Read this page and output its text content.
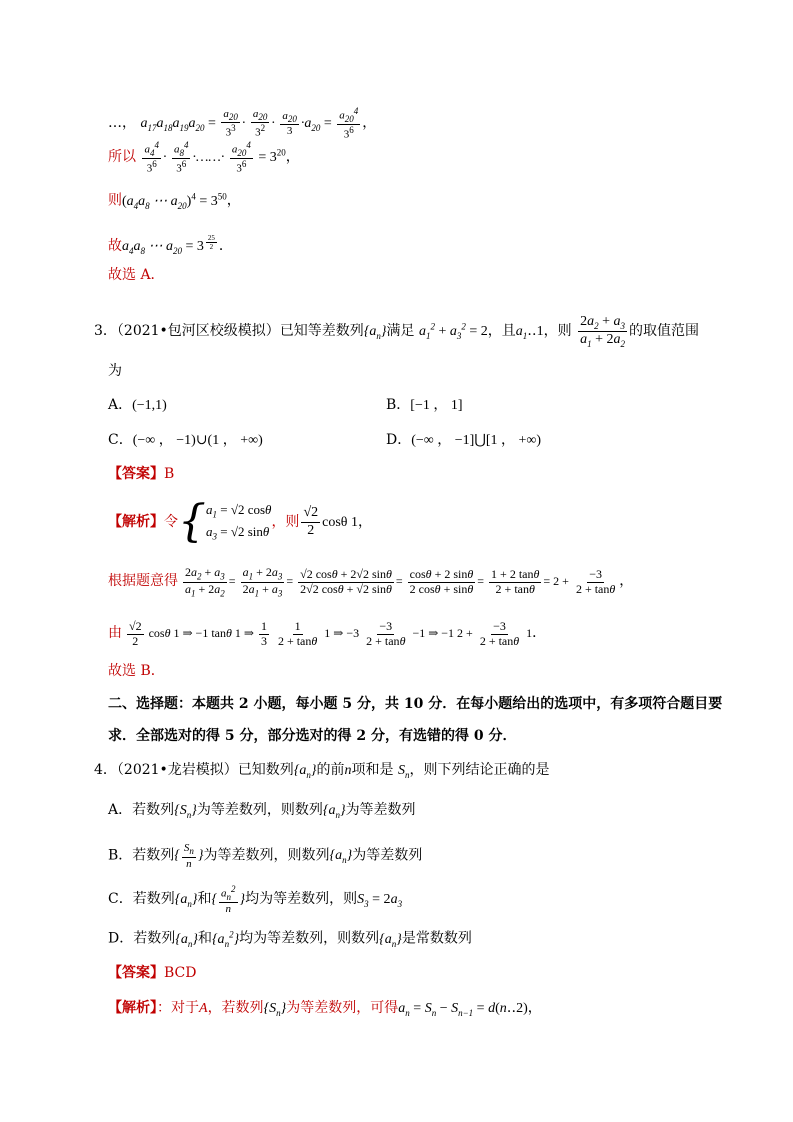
…， $a_{17}a_{18}a_{19}a_{20} = \frac{a_{20}}{3^3} \cdot \frac{a_{20}}{3^2} \cdot \frac{a_{20}}{3} \cdot a_{20} = \frac{a_{20}^4}{3^6}$ ，
所以 $\frac{a_4^4}{3^6} \cdot \frac{a_8^4}{3^6}$ ·……· $\frac{a_{20}^4}{3^6} = 3^{20}$，
则($a_4a_8$ ⋯ $a_{20})^4 = 3^{50}$，
故$a_4a_8$ ⋯ $a_{20} = 3$ $^{\frac{25}{2}}$ ．
故选 A．
3．（2021•包河区校级模拟）已知等差数列$\{a_n\}$满足 $a_1^2 + a_3^2 = 2$，且$a_1‥1$，则 $\frac{2a_2 + a_3}{a_1 + 2a_2}$ 的取值范围
为
A．(−1,1)	B．[−1 ， 1]
C．(−∞ ， −1)∪(1 ， +∞)	D．(−∞ ， −1]⋃[1 ， +∞)
【答案】B
【解析】令 { $a_1 = √2$ cosθ
$a_3 = √2$ sinθ
，则 $\frac{√2}{2}$ cosθ 1，
根据题意得 $\frac{2a_2 + a_3}{a_1 + 2a_2} = \frac{a_1 + 2a_3}{2a_1 + a_3} = \frac{√2 \cos\theta + 2√2 \sin\theta}{2√2 \cos\theta + √2 \sin\theta} = \frac{\cos\theta + 2 \sin\theta}{2 \cos\theta + \sin\theta} = \frac{1 + 2 \tan\theta}{2 + \tan\theta} = 2 + \frac{-3}{2 + \tan\theta}$ ，
由 $\frac{√2}{2}$ cosθ 1 ⇒ −1 tanθ 1 ⇒ $\frac{1}{3}$
$\frac{1}{2 + \tan\theta} 1$ ⇒ $-3 \frac{-3}{2 + \tan\theta} -1$ ⇒ −1 $2 + \frac{-3}{2 + \tan\theta} 1$．
故选 B．
二、选择题：本题共 2 小题，每小题 5 分，共 10 分．在每小题给出的选项中，有多项符合题目要
求．全部选对的得 5 分，部分选对的得 2 分，有选错的得 0 分．
4．（2021•龙岩模拟）已知数列$\{a_n\}$的前n项和是 $S_n$，则下列结论正确的是
A．若数列$\{S_n\}$为等差数列，则数列$\{a_n\}$为等差数列
B．若数列{ $\frac{S_n}{n}$ }为等差数列，则数列$\{a_n\}$为等差数列
C．若数列$\{a_n\}$和{ $\frac{a_n^2}{n}$ }均为等差数列，则$S_3 = 2a_3$
D．若数列$\{a_n\}$和$\{a_n^2\}$均为等差数列，则数列$\{a_n\}$是常数数列
【答案】BCD
【解析】：对于A，若数列$\{S_n\}$为等差数列，可得$a_n = S_n - S_{n-1}$ = d(n‥2)，
